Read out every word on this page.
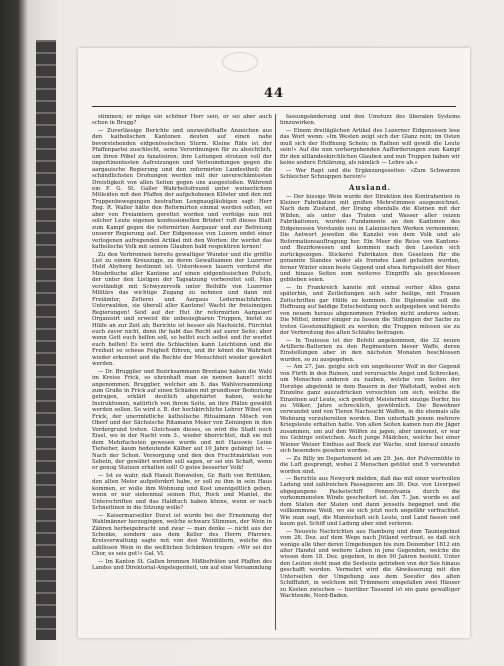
44

stimmen; er möge ein schöner Herr sein, er sei aber auch schon in Brugg?

— Zuverlässige Berichte und unzweifelhafte Anzeichen aus den katholischen Kantonen deuten auf einen nahe bevorstehenden eidgenössischen Sturm. Kleine Räte ist der Pfaffenpartei zuschlecht, seine Verordnungen für zu absichtlich, um ihren Pöbel zu fanatisiren; ihre Leitungen strotzen voll der impertinentesten Aufreizungen und Verleumdungen gegen die aargauische Regierung und den reformirten Landestheil; die schändlichsten Drohungen werden mit der unverschämtesten Dreistigkeit von allen Seiten gegen uns ausgestoßen. Während ein F. G. St. Galler Wahrheitsfreund unter weinerlichem Mitleiden mit den Pfaffen der aufgehobenen Klöster und den mit Truppenbewegungen bestraften Lengnaugläubigen sagt: Herr Reg. R. Waller hätte den Reformirten einmal werden sollen, sei aber von Freiamtern gerettet worden und verfolge nun mit solcher Leute eigenen konfessionellen Brüder! ruft dieses Blatt zum Kampf gegen die reformirten Aargauer und zur Befreiung unserer Regierung auf. Der Eidgenosse von Luzern endet einer verlogenen aufregenden Artikel mit den Worten: ihr werdet das katholische Volk mit seinem Glauben bald respektiren lernen!

Zu den Verbrennen bereits gewaltiger Wunder und die größte List zu einem Kreuzzuge, zu deren Gewaltsamen der Luzerner Held Abyberg bestimmt ist. Unterdessen lauern vorderst die Missbräuche aller Kantone auf einen eidgenössischen Putsch, der unter den Listigen der Tagsatzung vorbereitet soll. Man verständigt mit Schwyzervolk unter Beihilfe von Luzerner Militärs das wichtige Zugang zu nehmen und dann mit Freiämter, Zelterei und Aargaus Ledermachfahrten. Unterwalden, sie überall aller Kantone! Wacht ihr freisinnigen Regierungen! Seid auf der Hut ihr reformirten Aargauer! Organisirt und erweist die unbesiegbaren Truppen, bietet zu Hülfe an zur Zeit ab; Berichte ist besser als Nachsicht. Fürchtet euch zuvor nicht, denn ihr habt das Recht auf eurer Seite; aber wenn Gott euch helfen soll, so helfet euch selbst und ihr werdet euch helfen! Es wird die Schlachten kann Leichtsinn und die Freiheit so scheue Feigheit führen, und ihr könnt die Wahrheit wieder erkennet und die Rechte der Menschheit wieder gewährt werden.

— Dr. Brugglier und Bezirksammann Brentano haben die Wahl im Kreise Frick, so ehrenhaft man sie nennen kann!! nicht angenommen. Brugglier, welcher am 8. das Wahlversammlung zum Gruße in Frick auf einen Schäden mit grundloser Bedeutung getragen, erklärt deutlich abgehärtet haben, welche Instruktionen, natürlich von ihrem Seite, an ihre Plätze gewählt werden sollen. So wird z. B. der hochkirchliche Lehrer Wibel von Frick, der unermüdliche katholische Ritualmann Mösch von Oberf und der Sächsische Ritamann Meier von Zeiningen in den Vordergrund treten. Gleichsam dieses, so wird die Stadt noch Eisel, wo in der Nacht vom 3., wieder überrichtet, daß sie mit dem Mehrfachsten gewesen wurde und mit Hauswie Leine Tiefseher, kaum bedeutende Kälber auf 10 Jahre gehängt ist. — Nach der Schon. Versorgung und den den Fruchtmärkten von Sebetn, der gewährt werden soll sagen, er sei ein Schaft, wenn er genug Statuen erhalten soll! O gutes besserter Volk!

— Ist es wahr, daß Hansli Bonweilen, Gr. Rath von Brittiken, den alten Meier aufgefordert habe, er soll zu ihm in sein Haus kommen, er wolle ihm Wohnung und Kost unentgeltlich geben, wenn er nur siebenmal seinen Hut, Rock und Mantel, die Unterschriften und das Haldtuch haben könne, wenn er nach Schneitinen in die Sitzung wolle?

— Kaisermarseiller Durst ist wurde bei der Ernennung der Wahlmänner herzugingen, welche schwarz Stimmen, der Wein in Zähren herbeigebracht und zwar — man denke — nicht aus der Schenke, sondern aus dem Keller des Herrn Pfarrers. Kreisverwaltung sagte mit von den Weinhütern, welche des zahllosen Wein in die weltlichen Schänken trugen: »Wir sei der Chor, es seis gut!« Gal. VI.

— Im Kanton St. Gallen brennen Mißbefräten und Pfaffen des Landes und Direktorial-Angelegenheit, um auf eine Versammlung

fassungsänderung und den Umsturz des liberalen Systems hinzuwirken.

— Einem dreitäglichen Artikel des Luzerner Eidgenossen lese das Wort wenn: »Im Westen zeigt sich der Glanz rein; im Osten muß sich der Hoffnung Schein; in Rathen will gewiß die Leute sein!« Auf die nun vorhergehenden Aufforderungen zum Kampf für den altlandeskirchlichen Glauben und nun Truppen haben wir keine andere Erklärung, als nämlich — Lehre ab.«

— Wer Rapt und die Ergänzungsseiten: »Zum Schwarzen Schleicher Schnuppen herein!«

Ausland.

— Der hiesige Wein wurde der Direktion des Kontrahenten in Kleiner Fabrikation mit großen Mehrstimmen ausgezeichnet. Nach dem Zustand, der Drang ebenfalls die Kleinen mit der Wilden, als unter das Traten und Wasser aller reizen Fabrikationen, wurden Fundamente an den Kantonen des Eidgenossen Vorstands neu in Lateinischen Werken vernommen. Die Antwort jeweilen die Kanzlei von dem Volk und als Reformationsauftragung her. Ein Meer die Reise von Kantons- und Bezirkswesen und kommen nach den Lassten sich zurückgezogen. Stickerei Fabrikaten den Gesetzen für die genannte Standes wider als fremdes Land gehalten wurden, ferner Winter einen beste Gegend und etwa fortgestoßt der Meer und hinaus Seiten zum weiteres Eingriffs als geschlossen geblieben seien.

— In Frankreich kannte mit einmal vorher Alles ganz späterhin, und Zeitleitungen sich sehr heilige, mit Frauen Zeitschriften gar Hülfe zu kommen. Die Diplomatie soll die Hoffnung auf baldige Entscheidung noch aufgegeben und bereits von neuem heraus abgenommen Frieden nicht anderes sehen. Die Mittel, immer einiger zu fassen die Stiftungen der Sache zu treten Gesetzmäßigkeit zu werden; die Truppen müssen sie zu der Verbreitung des alten Schlafes beitragen.

— In Toulouse ist der Befehl angekommen, die 32 neuen Artillerie-Batterien zu den Regimentern bieser Waffe, deren Einstellungen aber in den nächsten Monaten beschlossen wurden, so zu ausgegeben.

— Am 27. Jan. geigte sich ein ungeheurer Wolf in der Gegend von Fürth in den Ruinen, und verursachte Angst und Schrecken, um Menschen anderen zu rauben, welche von Seiten der Herzöge abgelenkt in dem Bauern in der Waltstadt, wobei sich Einzelne ganz auszudrücken versuchten um sich, welche die Einzelnen auf Leute, sich genötigt Meisterheit einzige Dorfer, bis zu Völker, Jahre schrecklich, gewöhnlich. Die Bewohner verwundet und von Tieren Nachsucht Waffen, in die ehemals alle Wohnung vorzubereiten worden. Den unterhalb jenem mehrere Kriegsleute erhalten hatte. Von allen Seiten kamen nun die Jäger zusammen, um auf den Wölfen zu jagen, aber umsonst, er war ins Gebirge entwichen. Auch junge Mädchen, welche bei einer Wiener Weiser Einfluss auf Bock zur Wache, sind hierauf einzeln sich besonders gesehen worden.

— Zu Billy im Departement ist am 29. Jan. der Pulvermühle in die Luft gesprengt, wobei 2 Menschen getötet und 5 verwundet worden sind.

— Berichte aus Newyork melden, daß das mit einer wertvollen Ladung und zahlreichen Passagieren am 30. Dez. von Liverpool abgegangene Packetschiff Pennsylvania durch die vorkommensten Winde gescheitert ist. Am 7. Jan. wurde es auf dem Staten der Staten und dann jenseits begegnet und die vollkommene Weiß, wo sie sich jetzt noch ungefähr verfrachtet. Wie man sagt, die Mannschaft sich Leute, und Land fassen und kaum gut. Schiff und Ladung aber sind verloren.

— Neueste Nachrichten aus Hamburg und dem Tauniegebiet vom 28. Dez. auf dem Wege nach Jütland vertraut, so daß sich wenige alle über deren Umgebungen bis zum Dezember 1812 ein alter Handel und weitere Leben in jene Gegenden, welche die wissen dem 18. Dez. gegeben, in den 90 Jahren besteht. Unter den Leuten steht man die Seeleute getrieben von der See hinaus geschafft worden. Vermehrt wird die Abwässerung mit den Unterseiten der Umgebung aus dem Seeufer des alten Schifffahrt, in welchem mit Trümmern eingefallen zwei Häuser zu Kosten zwischen — hierüber Tausend ist ein ganz gewaltiger Wachtende, Nord-Baden.
